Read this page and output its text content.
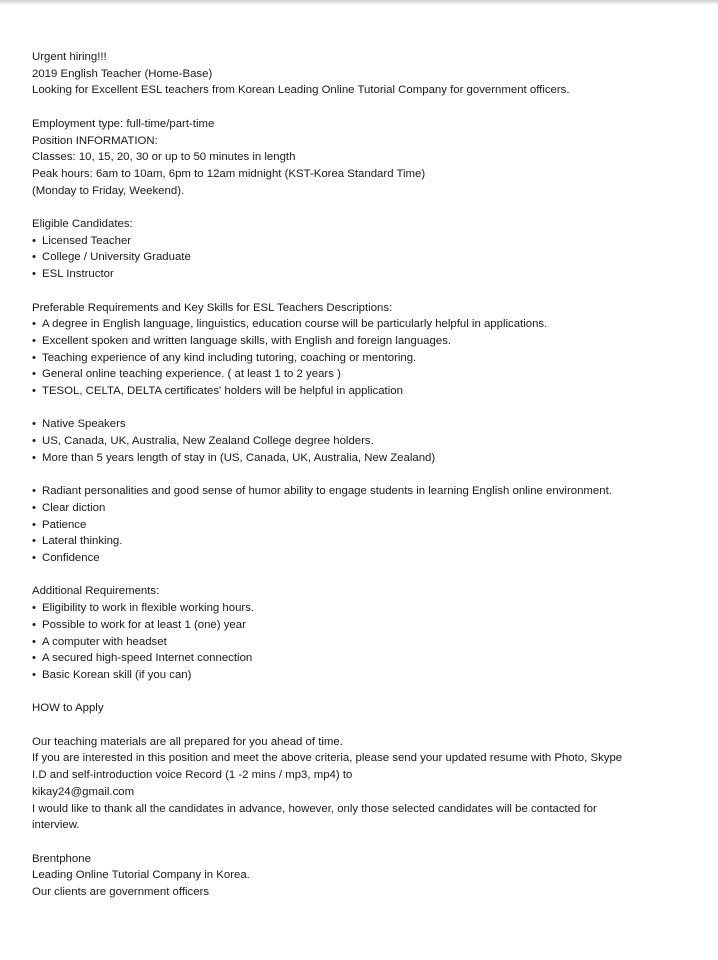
Urgent hiring!!!
2019 English Teacher (Home-Base)
Looking for Excellent ESL teachers from Korean Leading Online Tutorial Company for government officers.
Employment type: full-time/part-time
Position INFORMATION:
Classes: 10, 15, 20, 30 or up to 50 minutes in length
Peak hours: 6am to 10am, 6pm to 12am midnight (KST-Korea Standard Time)
(Monday to Friday, Weekend).
Eligible Candidates:
• Licensed Teacher
• College / University Graduate
• ESL Instructor
Preferable Requirements and Key Skills for ESL Teachers Descriptions:
• A degree in English language, linguistics, education course will be particularly helpful in applications.
• Excellent spoken and written language skills, with English and foreign languages.
• Teaching experience of any kind including tutoring, coaching or mentoring.
• General online teaching experience. ( at least 1 to 2 years )
• TESOL, CELTA, DELTA certificates' holders will be helpful in application
• Native Speakers
• US, Canada, UK, Australia, New Zealand College degree holders.
• More than 5 years length of stay in (US, Canada, UK, Australia, New Zealand)
• Radiant personalities and good sense of humor ability to engage students in learning English online environment.
• Clear diction
• Patience
• Lateral thinking.
• Confidence
Additional Requirements:
• Eligibility to work in flexible working hours.
• Possible to work for at least 1 (one) year
• A computer with headset
• A secured high-speed Internet connection
• Basic Korean skill (if you can)
HOW to Apply
Our teaching materials are all prepared for you ahead of time.
If you are interested in this position and meet the above criteria, please send your updated resume with Photo, Skype
I.D and self-introduction voice Record (1 -2 mins / mp3, mp4) to
kikay24@gmail.com
I would like to thank all the candidates in advance, however, only those selected candidates will be contacted for
interview.
Brentphone
Leading Online Tutorial Company in Korea.
Our clients are government officers
